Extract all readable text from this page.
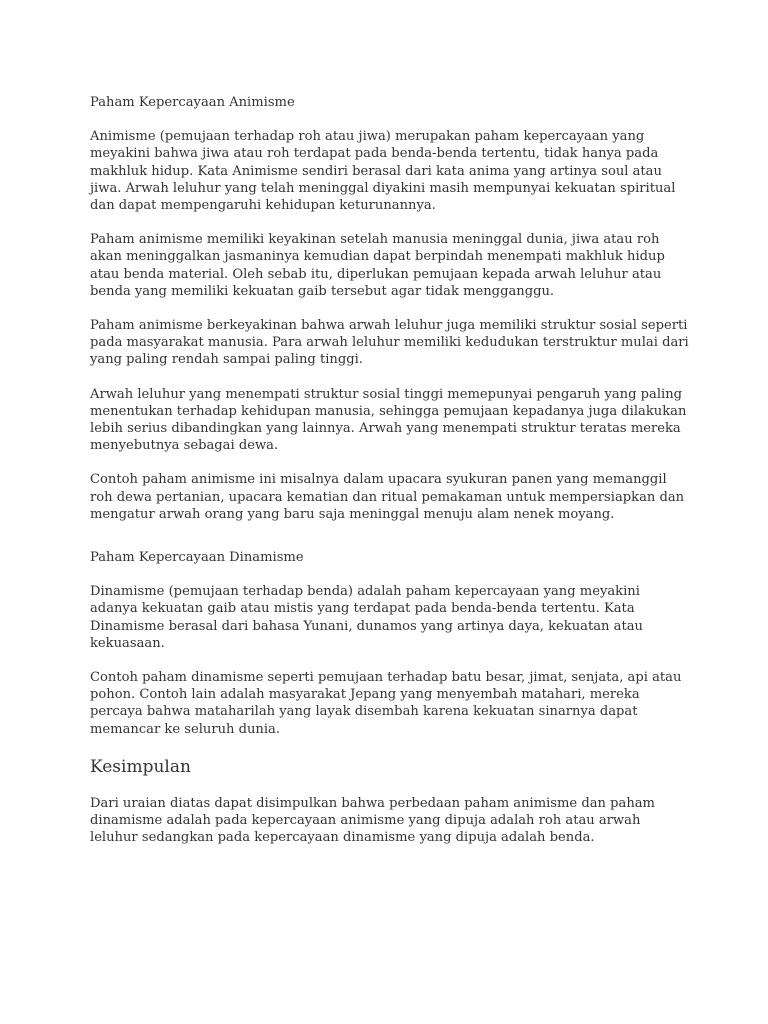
Paham Kepercayaan Animisme

Animisme (pemujaan terhadap roh atau jiwa) merupakan paham kepercayaan yang meyakini bahwa jiwa atau roh terdapat pada benda-benda tertentu, tidak hanya pada makhluk hidup. Kata Animisme sendiri berasal dari kata anima yang artinya soul atau jiwa. Arwah leluhur yang telah meninggal diyakini masih mempunyai kekuatan spiritual dan dapat mempengaruhi kehidupan keturunannya.

Paham animisme memiliki keyakinan setelah manusia meninggal dunia, jiwa atau roh akan meninggalkan jasmaninya kemudian dapat berpindah menempati makhluk hidup atau benda material. Oleh sebab itu, diperlukan pemujaan kepada arwah leluhur atau benda yang memiliki kekuatan gaib tersebut agar tidak mengganggu.

Paham animisme berkeyakinan bahwa arwah leluhur juga memiliki struktur sosial seperti pada masyarakat manusia. Para arwah leluhur memiliki kedudukan terstruktur mulai dari yang paling rendah sampai paling tinggi.

Arwah leluhur yang menempati struktur sosial tinggi memepunyai pengaruh yang paling menentukan terhadap kehidupan manusia, sehingga pemujaan kepadanya juga dilakukan lebih serius dibandingkan yang lainnya. Arwah yang menempati struktur teratas mereka menyebutnya sebagai dewa.

Contoh paham animisme ini misalnya dalam upacara syukuran panen yang memanggil roh dewa pertanian, upacara kematian dan ritual pemakaman untuk mempersiapkan dan mengatur arwah orang yang baru saja meninggal menuju alam nenek moyang.

Paham Kepercayaan Dinamisme

Dinamisme (pemujaan terhadap benda) adalah paham kepercayaan yang meyakini adanya kekuatan gaib atau mistis yang terdapat pada benda-benda tertentu. Kata Dinamisme berasal dari bahasa Yunani, dunamos yang artinya daya, kekuatan atau kekuasaan.

Contoh paham dinamisme seperti pemujaan terhadap batu besar, jimat, senjata, api atau pohon. Contoh lain adalah masyarakat Jepang yang menyembah matahari, mereka percaya bahwa mataharilah yang layak disembah karena kekuatan sinarnya dapat memancar ke seluruh dunia.

Kesimpulan

Dari uraian diatas dapat disimpulkan bahwa perbedaan paham animisme dan paham dinamisme adalah pada kepercayaan animisme yang dipuja adalah roh atau arwah leluhur sedangkan pada kepercayaan dinamisme yang dipuja adalah benda.
